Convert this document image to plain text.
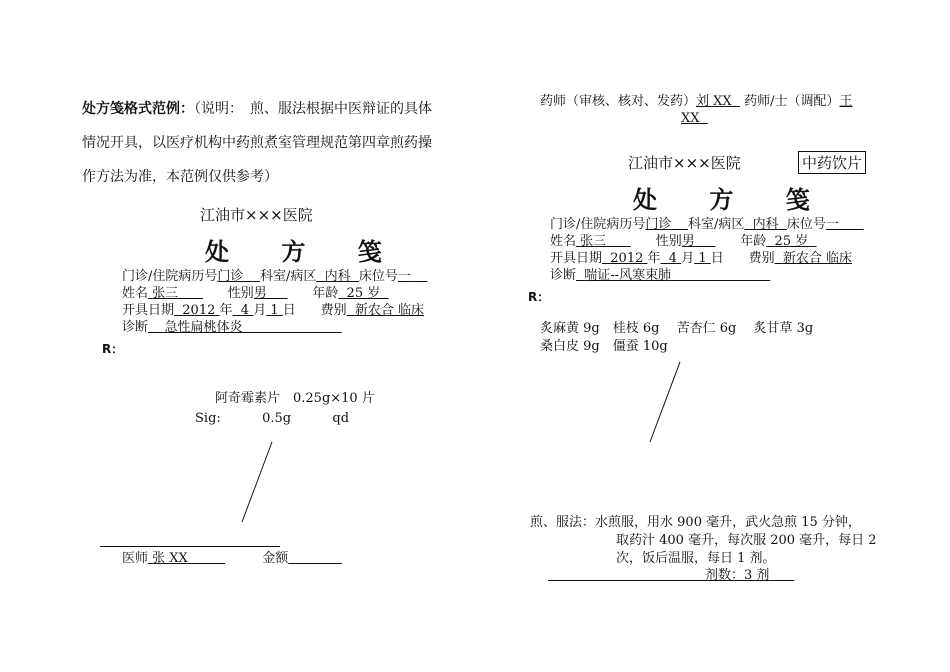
处方笺格式范例：（说明：　煎、服法根据中医辩证的具体情况开具，以医疗机构中药煎煮室管理规范第四章煎药操作方法为准，本范例仅供参考）
江油市×××医院
处 方 笺
门诊/住院病历号门诊 科室/病区 内科 床位号一
姓名 张三	性别男	年龄 25 岁
开具日期 2012 年 4 月 1 日 费别 新农合 临床
诊断 急性扁桃体炎
R：
阿奇霉素片　0.25g×10 片
Sig:	0.5g	qd
医师 张 XX	金额
药师（审核、核对、发药）刘 XX 药师/士（调配）王
XX
江油市×××医院	中药饮片
处 方 笺
门诊/住院病历号门诊 科室/病区 内科 床位号一
姓名 张三	性别男	年龄 25 岁
开具日期 2012 年 4 月 1 日 费别 新农合 临床
诊断 喘证--风寒束肺
R：
炙麻黄 9g　桂枝 6g　 苦杏仁 6g　 炙甘草 3g
桑白皮 9g　僵蚕 10g
煎、服法：水煎服，用水 900 毫升，武火急煎 15 分钟，
取药汁 400 毫升，每次服 200 毫升，每日 2
次，饭后温服，每日 1 剂。
剂数：3 剂
